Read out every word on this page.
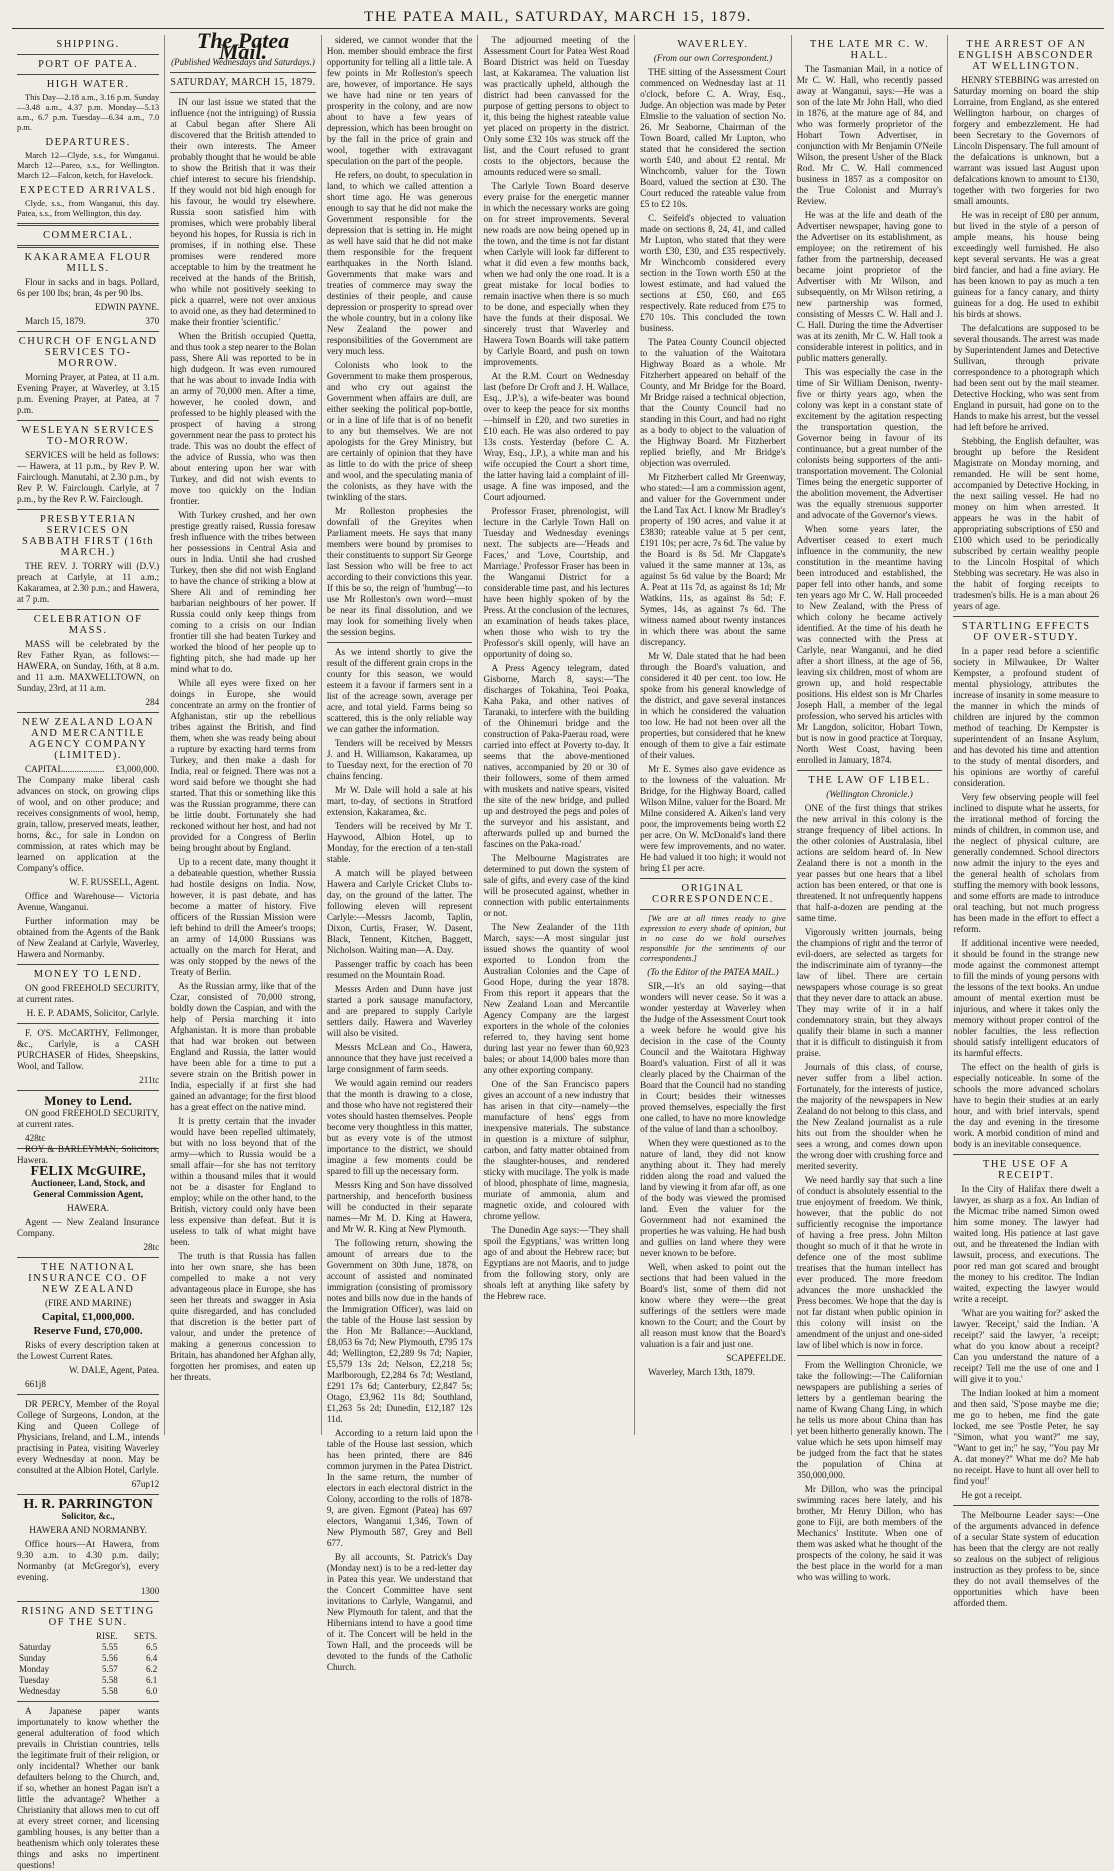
THE PATEA MAIL, SATURDAY, MARCH 15, 1879.
SHIPPING.
PORT OF PATEA.
HIGH WATER.

This Day—2.18 a.m., 3.16 p.m. Sunday—3.48 a.m., 4.37 p.m. Monday—5.13 a.m., 6.7 p.m. Tuesday—6.34 a.m., 7.0 p.m.

DEPARTURES.

March 12—Clyde, s.s., for Wanganui. March 12—Pareo, s.s., for Wellington. March 12—Falcon, ketch, for Havelock.

EXPECTED ARRIVALS.

Clyde, s.s., from Wanganui, this day. Patea, s.s., from Wellington, this day.

COMMERCIAL.
KAKARAMEA FLOUR MILLS.

Flour in sacks and in bags. Pollard, 6s per 100 lbs; bran, 4s per 90 lbs.

EDWIN PAYNE.

March 15, 1879.	370

CHURCH OF ENGLAND SERVICES TO-MORROW.

Morning Prayer, at Patea, at 11 a.m. Evening Prayer, at Waverley, at 3.15 p.m. Evening Prayer, at Patea, at 7 p.m.

WESLEYAN SERVICES TO-MORROW.

SERVICES will be held as follows:— Hawera, at 11 p.m., by Rev P. W. Fairclough. Manutahi, at 2.30 p.m., by Rev P. W. Fairclough. Carlyle, at 7 p.m., by the Rev P. W. Fairclough.

PRESBYTERIAN SERVICES ON SABBATH FIRST (16th MARCH.)

THE REV. J. TORRY will (D.V.) preach at Carlyle, at 11 a.m.; Kakaramea, at 2.30 p.m.; and Hawera, at 7 p.m.

CELEBRATION OF MASS.

MASS will be celebrated by the Rev Father Ryan, as follows:— HAWERA, on Sunday, 16th, at 8 a.m. and 11 a.m. MAXWELLTOWN, on Sunday, 23rd, at 11 a.m.

284

NEW ZEALAND LOAN AND MERCANTILE AGENCY COMPANY (LIMITED).

CAPITAL.................. £3,000,000. The Company make liberal cash advances on stock, on growing clips of wool, and on other produce; and receives consignments of wool, hemp, grain, tallow, preserved meats, leather, horns, &c., for sale in London on commission, at rates which may be learned on application at the Company's office.

W. F. RUSSELL, Agent.

Office and Warehouse— Victoria Avenue, Wanganui.

Further information may be obtained from the Agents of the Bank of New Zealand at Carlyle, Waverley, Hawera and Normanby.

MONEY TO LEND.

ON good FREEHOLD SECURITY, at current rates.

H. E. P. ADAMS, Solicitor, Carlyle.

F. O'S. McCARTHY, Fellmonger, &c., Carlyle, is a CASH PURCHASER of Hides, Sheepskins, Wool, and Tallow.

211tc

Money to Lend.

ON good FREEHOLD SECURITY, at current rates.

428tc
ROY & BARLEYMAN, Solicitors, Hawera.

FELIX McGUIRE,

Auctioneer, Land, Stock, and General Commission Agent,

HAWERA.

Agent — New Zealand Insurance Company.

28tc

THE NATIONAL INSURANCE CO. OF NEW ZEALAND

(FIRE AND MARINE)

Capital, £1,000,000.

Reserve Fund, £70,000.

Risks of every description taken at the Lowest Current Rates.

W. DALE, Agent, Patea.

661j8

DR PERCY, Member of the Royal College of Surgeons, London, at the King and Queen College of Physicians, Ireland, and L.M., intends practising in Patea, visiting Waverley every Wednesday at noon. May be consulted at the Albion Hotel, Carlyle.

67up12

H. R. PARRINGTON

Solicitor, &c.,

HAWERA AND NORMANBY.

Office hours—At Hawera, from 9.30 a.m. to 4.30 p.m. daily; Normanby (at McGregor's), every evening.

1300

RISING AND SETTING OF THE SUN.
	RISE.	SETS.
Saturday	5.55	6.5
Sunday	5.56	6.4
Monday	5.57	6.2
Tuesday	5.58	6.1
Wednesday	5.58	6.0

A Japanese paper wants importunately to know whether the general adulteration of food which prevails in Christian countries, tells the legitimate fruit of their religion, or only incidental? Whether our bank defaulters belong to the Church, and, if so, whether an honest Pagan isn't a little the advantage? Whether a Christianity that allows men to cut off at every street corner, and licensing gambling houses, is any better than a heathenism which only tolerates these things and asks no impertinent questions!

The Patea Mail.
(Published Wednesdays and Saturdays.)
SATURDAY, MARCH 15, 1879.

IN our last issue we stated that the influence (not the intriguing) of Russia at Cabul began after Shere Ali discovered that the British attended to their own interests. The Ameer probably thought that he would be able to show the British that it was their chief interest to secure his friendship. If they would not bid high enough for his favour, he would try elsewhere. Russia soon satisfied him with promises, which were probably liberal beyond his hopes, for Russia is rich in promises, if in nothing else. These promises were rendered more acceptable to him by the treatment he received at the hands of the British, who while not positively seeking to pick a quarrel, were not over anxious to avoid one, as they had determined to make their frontier 'scientific.'

When the British occupied Quetta, and thus took a step nearer to the Bolan pass, Shere Ali was reported to be in high dudgeon. It was even rumoured that he was about to invade India with an army of 70,000 men. After a time, however, he cooled down, and professed to be highly pleased with the prospect of having a strong government near the pass to protect his trade. This was no doubt the effect of the advice of Russia, who was then about entering upon her war with Turkey, and did not wish events to move too quickly on the Indian frontier.

With Turkey crushed, and her own prestige greatly raised, Russia foresaw fresh influence with the tribes between her possessions in Central Asia and ours in India. Until she had crushed Turkey, then she did not wish England to have the chance of striking a blow at Shere Ali and of reminding her barbarian neighbours of her power. If Russia could only keep things from coming to a crisis on our Indian frontier till she had beaten Turkey and worked the blood of her people up to fighting pitch, she had made up her mind what to do.

While all eyes were fixed on her doings in Europe, she would concentrate an army on the frontier of Afghanistan, stir up the rebellious tribes against the British, and find them, when she was ready being about a rupture by exacting hard terms from Turkey, and then make a dash for India, real or feigned. There was not a word said before we thought she had started. That this or something like this was the Russian programme, there can be little doubt. Fortunately she had reckoned without her host, and had not provided for a Congress of Berlin being brought about by England.

Up to a recent date, many thought it a debateable question, whether Russia had hostile designs on India. Now, however, it is past debate, and has become a matter of history. Five officers of the Russian Mission were left behind to drill the Ameer's troops; an army of 14,000 Russians was actually on the march for Herat, and was only stopped by the news of the Treaty of Berlin.

As the Russian army, like that of the Czar, consisted of 70,000 strong, boldly down the Caspian, and with the help of Persia marching it into Afghanistan. It is more than probable that had war broken out between England and Russia, the latter would have been able for a time to put a severe strain on the British power in India, especially if at first she had gained an advantage; for the first blood has a great effect on the native mind.

It is pretty certain that the invader would have been repelled ultimately, but with no loss beyond that of the army—which to Russia would be a small affair—for she has not territory within a thousand miles that it would not be a disaster for England to employ; while on the other hand, to the British, victory could only have been less expensive than defeat. But it is useless to talk of what might have been.

The truth is that Russia has fallen into her own snare, she has been compelled to make a not very advantageous place in Europe, she has seen her threats and swagger in Asia quite disregarded, and has concluded that discretion is the better part of valour, and under the pretence of making a generous concession to Britain, has abandoned her Afghan ally, forgotten her promises, and eaten up her threats.

sidered, we cannot wonder that the Hon. member should embrace the first opportunity for telling all a little tale. A few points in Mr Rolleston's speech are, however, of importance. He says we have had nine or ten years of prosperity in the colony, and are now about to have a few years of depression, which has been brought on by the fall in the price of grain and wool, together with extravagant speculation on the part of the people.

He refers, no doubt, to speculation in land, to which we called attention a short time ago. He was generous enough to say that he did not make the Government responsible for the depression that is setting in. He might as well have said that he did not make them responsible for the frequent earthquakes in the North Island. Governments that make wars and treaties of commerce may sway the destinies of their people, and cause depression or prosperity to spread over the whole country, but in a colony like New Zealand the power and responsibilities of the Government are very much less.

Colonists who look to the Government to make them prosperous, and who cry out against the Government when affairs are dull, are either seeking the political pop-bottle, or in a line of life that is of no benefit to any but themselves. We are not apologists for the Grey Ministry, but are certainly of opinion that they have as little to do with the price of sheep and wool, and the speculating mania of the colonists, as they have with the twinkling of the stars.

Mr Rolleston prophesies the downfall of the Greyites when Parliament meets. He says that many members were bound by promises to their constituents to support Sir George last Session who will be free to act according to their convictions this year. If this be so, the reign of 'humbug'—to use Mr Rolleston's own word—must be near its final dissolution, and we may look for something lively when the session begins.

As we intend shortly to give the result of the different grain crops in the county for this season, we would esteem it a favour if farmers sent in a list of the acreage sown, average per acre, and total yield. Farms being so scattered, this is the only reliable way we can gather the information.

Tenders will be received by Messrs J. and H. Williamson, Kakaramea, up to Tuesday next, for the erection of 70 chains fencing.

Mr W. Dale will hold a sale at his mart, to-day, of sections in Stratford extension, Kakaramea, &c.

Tenders will be received by Mr T. Haywood, Albion Hotel, up to Monday, for the erection of a ten-stall stable.

A match will be played between Hawera and Carlyle Cricket Clubs to-day, on the ground of the latter. The following eleven will represent Carlyle:—Messrs Jacomb, Taplin, Dixon, Curtis, Fraser, W. Dasent, Black, Tennent, Kitchen, Baggett, Nicholson. Waiting man—A. Day.

Passenger traffic by coach has been resumed on the Mountain Road.

Messrs Arden and Dunn have just started a pork sausage manufactory, and are prepared to supply Carlyle settlers daily. Hawera and Waverley will also be visited.

Messrs McLean and Co., Hawera, announce that they have just received a large consignment of farm seeds.

We would again remind our readers that the month is drawing to a close, and those who have not registered their votes should hasten themselves. People become very thoughtless in this matter, but as every vote is of the utmost importance to the district, we should imagine a few moments could be spared to fill up the necessary form.

Messrs King and Son have dissolved partnership, and henceforth business will be conducted in their separate names—Mr M. D. King at Hawera, and Mr W. R. King at New Plymouth.

The following return, showing the amount of arrears due to the Government on 30th June, 1878, on account of assisted and nominated immigration (consisting of promissory notes and bills now due in the hands of the Immigration Officer), was laid on the table of the House last session by the Hon Mr Ballance:—Auckland, £8,053 6s 7d; New Plymouth, £795 17s 4d; Wellington, £2,289 9s 7d; Napier, £5,579 13s 2d; Nelson, £2,218 5s; Marlborough, £2,284 6s 7d; Westland, £291 17s 6d; Canterbury, £2,847 5s; Otago, £3,962 11s 8d; Southland, £1,263 5s 2d; Dunedin, £12,187 12s 11d.

According to a return laid upon the table of the House last session, which has been printed, there are 846 common jurymen in the Patea District. In the same return, the number of electors in each electoral district in the Colony, according to the rolls of 1878-9, are given. Egmont (Patea) has 697 electors, Wanganui 1,346, Town of New Plymouth 587, Grey and Bell 677.

By all accounts, St. Patrick's Day (Monday next) is to be a red-letter day in Patea this year. We understand that the Concert Committee have sent invitations to Carlyle, Wanganui, and New Plymouth for talent, and that the Hibernians intend to have a good time of it. The Concert will be held in the Town Hall, and the proceeds will be devoted to the funds of the Catholic Church.

The adjourned meeting of the Assessment Court for Patea West Road Board District was held on Tuesday last, at Kakaramea. The valuation list was practically upheld, although the district had been canvassed for the purpose of getting persons to object to it, this being the highest rateable value yet placed on property in the district. Only some £32 10s was struck off the list, and the Court refused to grant costs to the objectors, because the amounts reduced were so small.

The Carlyle Town Board deserve every praise for the energetic manner in which the necessary works are going on for street improvements. Several new roads are now being opened up in the town, and the time is not far distant when Carlyle will look far different to what it did even a few months back, when we had only the one road. It is a great mistake for local bodies to remain inactive when there is so much to be done, and especially when they have the funds at their disposal. We sincerely trust that Waverley and Hawera Town Boards will take pattern by Carlyle Board, and push on town improvements.

At the R.M. Court on Wednesday last (before Dr Croft and J. H. Wallace, Esq., J.P.'s), a wife-beater was bound over to keep the peace for six months—himself in £20, and two sureties in £10 each. He was also ordered to pay 13s costs. Yesterday (before C. A. Wray, Esq., J.P.), a white man and his wife occupied the Court a short time, the latter having laid a complaint of ill-usage. A fine was imposed, and the Court adjourned.

Professor Fraser, phrenologist, will lecture in the Carlyle Town Hall on Tuesday and Wednesday evenings next. The subjects are—'Heads and Faces,' and 'Love, Courtship, and Marriage.' Professor Fraser has been in the Wanganui District for a considerable time past, and his lectures have been highly spoken of by the Press. At the conclusion of the lectures, an examination of heads takes place, when those who wish to try the Professor's skill openly, will have an opportunity of doing so.

A Press Agency telegram, dated Gisborne, March 8, says:—'The discharges of Tokahina, Teoi Poaka, Kaha Paka, and other natives of Taranaki, to interfere with the building of the Ohinemuri bridge and the construction of Paka-Paerau road, were carried into effect at Poverty to-day. It seems that the above-mentioned natives, accompanied by 20 or 30 of their followers, some of them armed with muskets and native spears, visited the site of the new bridge, and pulled up and destroyed the pegs and poles of the surveyor and his assistant, and afterwards pulled up and burned the fascines on the Paka-road.'

The Melbourne Magistrates are determined to put down the system of sale of gifts, and every case of the kind will be prosecuted against, whether in connection with public entertainments or not.

The New Zealander of the 11th March, says:—A most singular just issued shows the quantity of wool exported to London from the Australian Colonies and the Cape of Good Hope, during the year 1878. From this report it appears that the New Zealand Loan and Mercantile Agency Company are the largest exporters in the whole of the colonies referred to, they having sent home during last year no fewer than 60,923 bales; or about 14,000 bales more than any other exporting company.

One of the San Francisco papers gives an account of a new industry that has arisen in that city—namely—the manufacture of hens' eggs from inexpensive materials. The substance in question is a mixture of sulphur, carbon, and fatty matter obtained from the slaughter-houses, and rendered sticky with mucilage. The yolk is made of blood, phosphate of lime, magnesia, muriate of ammonia, alum and magnetic oxide, and coloured with chrome yellow.

The Dunedin Age says:—'They shall spoil the Egyptians,' was written long ago of and about the Hebrew race; but Egyptians are not Maoris, and to judge from the following story, only are shoals left at anything like safety by the Hebrew race.

WAVERLEY.

(From our own Correspondent.)

THE sitting of the Assessment Court commenced on Wednesday last at 11 o'clock, before C. A. Wray, Esq., Judge. An objection was made by Peter Elmslie to the valuation of section No. 26. Mr Seaborne, Chairman of the Town Board, called Mr Lupton, who stated that he considered the section worth £40, and about £2 rental. Mr Winchcomb, valuer for the Town Board, valued the section at £30. The Court reduced the rateable value from £5 to £2 10s.

C. Seifeld's objected to valuation made on sections 8, 24, 41, and called Mr Lupton, who stated that they were worth £30, £30, and £35 respectively. Mr Winchcomb considered every section in the Town worth £50 at the lowest estimate, and had valued the sections at £50, £60, and £65 respectively. Rate reduced from £75 to £70 10s. This concluded the town business.

The Patea County Council objected to the valuation of the Waitotara Highway Board as a whole. Mr Fitzherbert appeared on behalf of the County, and Mr Bridge for the Board. Mr Bridge raised a technical objection, that the County Council had no standing in this Court, and had no right as a body to object to the valuation of the Highway Board. Mr Fitzherbert replied briefly, and Mr Bridge's objection was overruled.

Mr Fitzherbert called Mr Greenway, who stated:—I am a commission agent, and valuer for the Government under the Land Tax Act. I know Mr Bradley's property of 190 acres, and value it at £3830; rateable value at 5 per cent, £191 10s; per acre, 7s 6d. The value by the Board is 8s 5d. Mr Clapgate's valued it the same manner at 13s, as against 5s 6d value by the Board; Mr A. Peat at 11s 7d, as against 8s 1d; Mr Watkins, 11s, as against 8s 5d; F. Symes, 14s, as against 7s 6d. The witness named about twenty instances in which there was about the same discrepancy.

Mr W. Dale stated that he had been through the Board's valuation, and considered it 40 per cent. too low. He spoke from his general knowledge of the district, and gave several instances in which he considered the valuation too low. He had not been over all the properties, but considered that he knew enough of them to give a fair estimate of their values.

Mr E. Symes also gave evidence as to the lowness of the valuation. Mr Bridge, for the Highway Board, called Wilson Milne, valuer for the Board. Mr Milne considered A. Aiken's land very poor, the improvements being worth £2 per acre. On W. McDonald's land there were few improvements, and no water. He had valued it too high; it would not bring £1 per acre.

ORIGINAL CORRESPONDENCE.

[We are at all times ready to give expression to every shade of opinion, but in no case do we hold ourselves responsible for the sentiments of our correspondents.]

(To the Editor of the PATEA MAIL.)

SIR,—It's an old saying—that wonders will never cease. So it was a wonder yesterday at Waverley when the Judge of the Assessment Court took a week before he would give his decision in the case of the County Council and the Waitotara Highway Board's valuation. First of all it was clearly placed by the Chairman of the Board that the Council had no standing in Court; besides their witnesses proved themselves, especially the first one called, to have no more knowledge of the value of land than a schoolboy.

When they were questioned as to the nature of land, they did not know anything about it. They had merely ridden along the road and valued the land by viewing it from afar off, as one of the body was viewed the promised land. Even the valuer for the Government had not examined the properties he was valuing. He had bush and gullies on land where they were never known to be before.

Well, when asked to point out the sections that had been valued in the Board's list, some of them did not know where they were—the great sufferings of the settlers were made known to the Court; and the Court by all reason must know that the Board's valuation is a fair and just one.

SCAPEFELDE.

Waverley, March 13th, 1879.

THE LATE MR C. W. HALL.

The Tasmanian Mail, in a notice of Mr C. W. Hall, who recently passed away at Wanganui, says:—He was a son of the late Mr John Hall, who died in 1876, at the mature age of 84, and who was formerly proprietor of the Hobart Town Advertiser, in conjunction with Mr Benjamin O'Neile Wilson, the present Usher of the Black Rod. Mr C. W. Hall commenced business in 1857 as a compositor on the True Colonist and Murray's Review.

He was at the life and death of the Advertiser newspaper, having gone to the Advertiser on its establishment, as employee; on the retirement of his father from the partnership, deceased became joint proprietor of the Advertiser with Mr Wilson, and subsequently, on Mr Wilson retiring, a new partnership was formed, consisting of Messrs C. W. Hall and J. C. Hall. During the time the Advertiser was at its zenith, Mr C. W. Hall took a considerable interest in politics, and in public matters generally.

This was especially the case in the time of Sir William Denison, twenty-five or thirty years ago, when the colony was kept in a constant state of excitement by the agitation respecting the transportation question, the Governor being in favour of its continuance, but a great number of the colonists being supporters of the anti-transportation movement. The Colonial Times being the energetic supporter of the abolition movement, the Advertiser was the equally strenuous supporter and advocate of the Governor's views.

When some years later, the Advertiser ceased to exert much influence in the community, the new constitution in the meantime having been introduced and established, the paper fell into other hands, and some ten years ago Mr C. W. Hall proceeded to New Zealand, with the Press of which colony he became actively identified. At the time of his death he was connected with the Press at Carlyle, near Wanganui, and he died after a short illness, at the age of 56, leaving six children, most of whom are grown up, and hold respectable positions. His eldest son is Mr Charles Joseph Hall, a member of the legal profession, who served his articles with Mr Langdon, solicitor, Hobart Town, but is now in good practice at Torquay, North West Coast, having been enrolled in January, 1874.

THE LAW OF LIBEL.

(Wellington Chronicle.)

ONE of the first things that strikes the new arrival in this colony is the strange frequency of libel actions. In the other colonies of Australasia, libel actions are seldom heard of. In New Zealand there is not a month in the year passes but one hears that a libel action has been entered, or that one is threatened. It not unfrequently happens that half-a-dozen are pending at the same time.

Vigorously written journals, being the champions of right and the terror of evil-doers, are selected as targets for the indiscriminate aim of tyranny—the law of libel. There are certain newspapers whose courage is so great that they never dare to attack an abuse. They may write of it in a half condemnatory strain, but they always qualify their blame in such a manner that it is difficult to distinguish it from praise.

Journals of this class, of course, never suffer from a libel action. Fortunately, for the interests of justice, the majority of the newspapers in New Zealand do not belong to this class, and the New Zealand journalist as a rule hits out from the shoulder when he sees a wrong, and comes down upon the wrong doer with crushing force and merited severity.

We need hardly say that such a line of conduct is absolutely essential to the true enjoyment of freedom. We think, however, that the public do not sufficiently recognise the importance of having a free press. John Milton thought so much of it that he wrote in defence one of the most sublime treatises that the human intellect has ever produced. The more freedom advances the more unshackled the Press becomes. We hope that the day is not far distant when public opinion in this colony will insist on the amendment of the unjust and one-sided law of libel which is now in force.

From the Wellington Chronicle, we take the following:—The Californian newspapers are publishing a series of letters by a gentleman bearing the name of Kwang Chang Ling, in which he tells us more about China than has yet been hitherto generally known. The value which he sets upon himself may be judged from the fact that he states the population of China at 350,000,000.

Mr Dillon, who was the principal swimming races here lately, and his brother, Mr Henry Dillon, who has gone to Fiji, are both members of the Mechanics' Institute. When one of them was asked what he thought of the prospects of the colony, he said it was the best place in the world for a man who was willing to work.

THE ARREST OF AN ENGLISH ABSCONDER AT WELLINGTON.

HENRY STEBBING was arrested on Saturday morning on board the ship Lorraine, from England, as she entered Wellington harbour, on charges of forgery and embezzlement. He had been Secretary to the Governors of Lincoln Dispensary. The full amount of the defalcations is unknown, but a warrant was issued last August upon defalcations known to amount to £130, together with two forgeries for two small amounts.

He was in receipt of £80 per annum, but lived in the style of a person of ample means, his house being exceedingly well furnished. He also kept several servants. He was a great bird fancier, and had a fine aviary. He has been known to pay as much a ten guineas for a fancy canary, and thirty guineas for a dog. He used to exhibit his birds at shows.

The defalcations are supposed to be several thousands. The arrest was made by Superintendent James and Detective Sullivan, through private correspondence to a photograph which had been sent out by the mail steamer. Detective Hocking, who was sent from England in pursuit, had gone on to the Hands to make his arrest, but the vessel had left before he arrived.

Stebbing, the English defaulter, was brought up before the Resident Magistrate on Monday morning, and remanded. He will be sent home, accompanied by Detective Hocking, in the next sailing vessel. He had no money on him when arrested. It appears he was in the habit of appropriating subscriptions of £50 and £100 which used to be periodically subscribed by certain wealthy people to the Lincoln Hospital of which Stebbing was secretary. He was also in the habit of forging receipts to tradesmen's bills. He is a man about 26 years of age.

STARTLING EFFECTS OF OVER-STUDY.

In a paper read before a scientific society in Milwaukee, Dr Walter Kempster, a profound student of mental physiology, attributes the increase of insanity in some measure to the manner in which the minds of children are injured by the common method of teaching. Dr Kempster is superintendent of an Insane Asylum, and has devoted his time and attention to the study of mental disorders, and his opinions are worthy of careful consideration.

Very few observing people will feel inclined to dispute what he asserts, for the irrational method of forcing the minds of children, in common use, and the neglect of physical culture, are generally condemned. School directors now admit the injury to the eyes and the general health of scholars from stuffing the memory with book lessons, and some efforts are made to introduce oral teaching, but not much progress has been made in the effort to effect a reform.

If additional incentive were needed, it should be found in the strange new mode against the commonest attempt to fill the minds of young persons with the lessons of the text books. An undue amount of mental exertion must be injurious, and where it takes only the memory without proper control of the nobler faculties, the less reflection should satisfy intelligent educators of its harmful effects.

The effect on the health of girls is especially noticeable. In some of the schools the more advanced scholars have to begin their studies at an early hour, and with brief intervals, spend the day and evening in the tiresome work. A morbid condition of mind and body is an inevitable consequence.

THE USE OF A RECEIPT.

In the City of Halifax there dwelt a lawyer, as sharp as a fox. An Indian of the Micmac tribe named Simon owed him some money. The lawyer had waited long. His patience at last gave out, and he threatened the Indian with lawsuit, process, and executions. The poor red man got scared and brought the money to his creditor. The Indian waited, expecting the lawyer would write a receipt.

'What are you waiting for?' asked the lawyer. 'Receipt,' said the Indian. 'A receipt?' said the lawyer, 'a receipt; what do you know about a receipt? Can you understand the nature of a receipt? Tell me the use of one and I will give it to you.'

The Indian looked at him a moment and then said, 'S'pose maybe me die; me go to heben, me find the gate locked, me see 'Postle Peter, he say "Simon, what you want?" me say, "Want to get in;" he say, "You pay Mr A. dat money?" What me do? Me hab no receipt. Have to hunt all over hell to find you!'

He got a receipt.

The Melbourne Leader says:—One of the arguments advanced in defence of a secular State system of education has been that the clergy are not really so zealous on the subject of religious instruction as they profess to be, since they do not avail themselves of the opportunities which have been afforded them.
